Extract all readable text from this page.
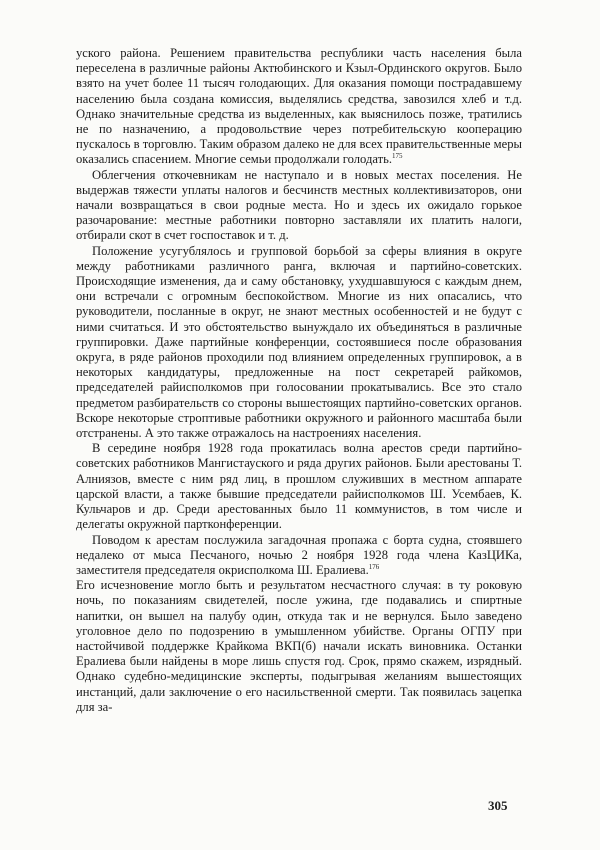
уского района. Решением правительства республики часть населения была переселена в различные районы Актюбинского и Кзыл-Ординского округов. Было взято на учет более 11 тысяч голодающих. Для оказания помощи пострадавшему населению была создана комиссия, выделялись средства, завозился хлеб и т.д. Однако значительные средства из выделенных, как выяснилось позже, тратились не по назначению, а продовольствие через потребительскую кооперацию пускалось в торговлю. Таким образом далеко не для всех правительственные меры оказались спасением. Многие семьи продолжали голодать.$^{175}$

Облегчения откочевникам не наступало и в новых местах поселения. Не выдержав тяжести уплаты налогов и бесчинств местных коллективизаторов, они начали возвращаться в свои родные места. Но и здесь их ожидало горькое разочарование: местные работники повторно заставляли их платить налоги, отбирали скот в счет госпоставок и т. д.

Положение усугублялось и групповой борьбой за сферы влияния в округе между работниками различного ранга, включая и партийно-советских. Происходящие изменения, да и саму обстановку, ухудшавшуюся с каждым днем, они встречали с огромным беспокойством. Многие из них опасались, что руководители, посланные в округ, не знают местных особенностей и не будут с ними считаться. И это обстоятельство вынуждало их объединяться в различные группировки. Даже партийные конференции, состоявшиеся после образования округа, в ряде районов проходили под влиянием определенных группировок, а в некоторых кандидатуры, предложенные на пост секретарей райкомов, председателей райисполкомов при голосовании прокатывались. Все это стало предметом разбирательств со стороны вышестоящих партийно-советских органов. Вскоре некоторые строптивые работники окружного и районного масштаба были отстранены. А это также отражалось на настроениях населения.

В середине ноября 1928 года прокатилась волна арестов среди партийно-советских работников Мангистауского и ряда других районов. Были арестованы Т. Алниязов, вместе с ним ряд лиц, в прошлом служивших в местном аппарате царской власти, а также бывшие председатели райисполкомов Ш. Усембаев, К. Кульчаров и др. Среди арестованных было 11 коммунистов, в том числе и делегаты окружной партконференции.

Поводом к арестам послужила загадочная пропажа с борта судна, стоявшего недалеко от мыса Песчаного, ночью 2 ноября 1928 года члена КазЦИКа, заместителя председателя окрисполкома Ш. Ералиева.$^{176}$

Его исчезновение могло быть и результатом несчастного случая: в ту роковую ночь, по показаниям свидетелей, после ужина, где подавались и спиртные напитки, он вышел на палубу один, откуда так и не вернулся. Было заведено уголовное дело по подозрению в умышленном убийстве. Органы ОГПУ при настойчивой поддержке Крайкома ВКП(б) начали искать виновника. Останки Ералиева были найдены в море лишь спустя год. Срок, прямо скажем, изрядный. Однако судебно-медицинские эксперты, подыгрывая желаниям вышестоящих инстанций, дали заключение о его насильственной смерти. Так появилась зацепка для за-

305
